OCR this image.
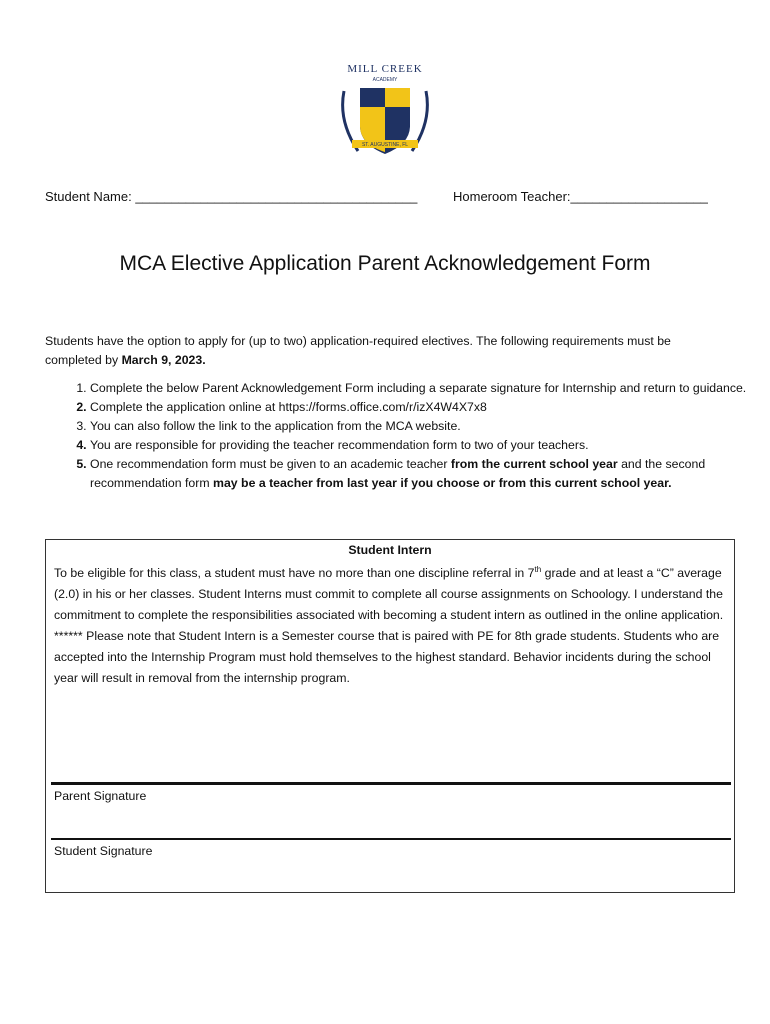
MILL CREEK
ACADEMY
ST. AUGUSTINE, FL
Student Name: _______________________________________	Homeroom Teacher:___________________
MCA Elective Application Parent Acknowledgement Form
Students have the option to apply for (up to two) application-required electives. The following requirements must be completed by March 9, 2023.
1. Complete the below Parent Acknowledgement Form including a separate signature for Internship and return to guidance.
2. Complete the application online at https://forms.office.com/r/izX4W4X7x8
3. You can also follow the link to the application from the MCA website.
4. You are responsible for providing the teacher recommendation form to two of your teachers.
5. One recommendation form must be given to an academic teacher from the current school year and the second recommendation form may be a teacher from last year if you choose or from this current school year.
Student Intern

To be eligible for this class, a student must have no more than one discipline referral in 7th grade and at least a “C” average (2.0) in his or her classes. Student Interns must commit to complete all course assignments on Schoology. I understand the commitment to complete the responsibilities associated with becoming a student intern as outlined in the online application. ****** Please note that Student Intern is a Semester course that is paired with PE for 8th grade students. Students who are accepted into the Internship Program must hold themselves to the highest standard. Behavior incidents during the school year will result in removal from the internship program.

Parent Signature
Student Signature
